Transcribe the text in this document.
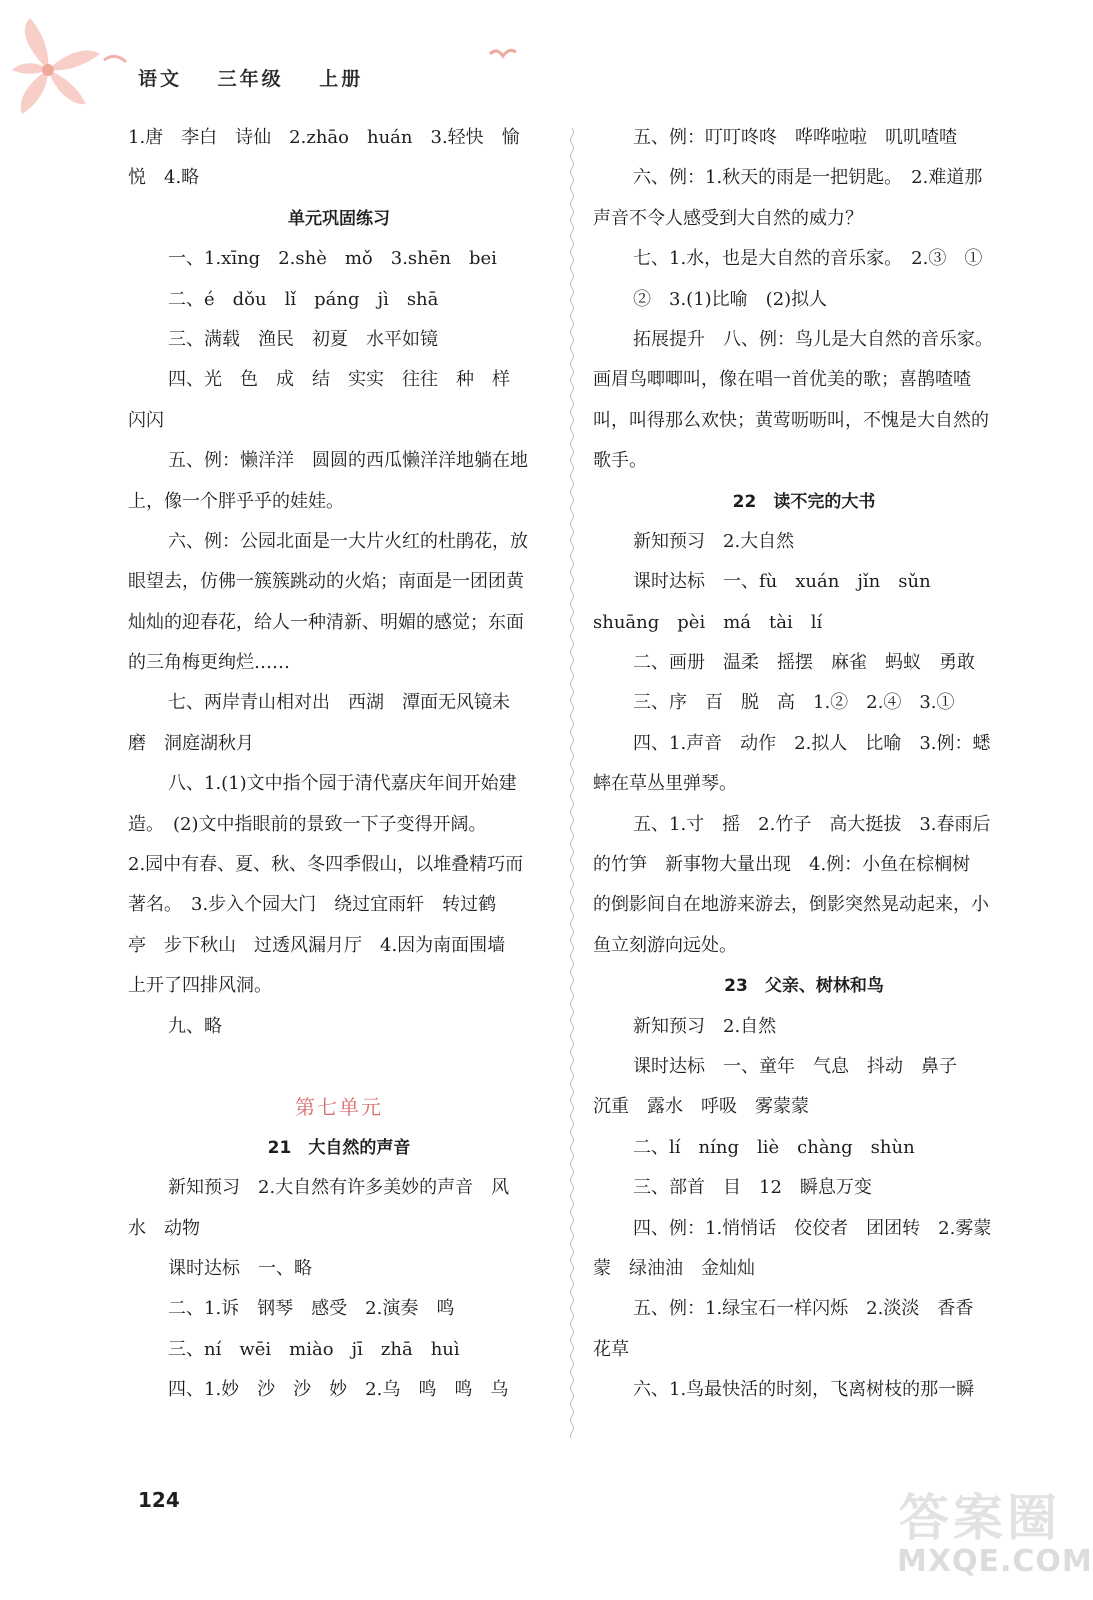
语文 三年级 上册
1.唐　李白　诗仙　2.zhāo　huán　3.轻快　愉
悦　4.略
单元巩固练习
一、1.xīng　2.shè　mǒ　3.shēn　bei
二、é　dǒu　lǐ　páng　jì　shā
三、满载　渔民　初夏　水平如镜
四、光　色　成　结　实实　往往　种　样
闪闪
五、例：懒洋洋　圆圆的西瓜懒洋洋地躺在地
上，像一个胖乎乎的娃娃。
六、例：公园北面是一大片火红的杜鹃花，放
眼望去，仿佛一簇簇跳动的火焰；南面是一团团黄
灿灿的迎春花，给人一种清新、明媚的感觉；东面
的三角梅更绚烂……
七、两岸青山相对出　西湖　潭面无风镜未
磨　洞庭湖秋月
八、1.(1)文中指个园于清代嘉庆年间开始建
造。　(2)文中指眼前的景致一下子变得开阔。
2.园中有春、夏、秋、冬四季假山，以堆叠精巧而
著名。　3.步入个园大门　绕过宜雨轩　转过鹤
亭　步下秋山　过透风漏月厅　4.因为南面围墙
上开了四排风洞。
九、略
第七单元
21　大自然的声音
新知预习　2.大自然有许多美妙的声音　风
水　动物
课时达标　一、略
二、1.诉　钢琴　感受　2.演奏　鸣
三、ní　wēi　miào　jī　zhā　huì
四、1.妙　沙　沙　妙　2.乌　鸣　鸣　乌
五、例：叮叮咚咚　哗哗啦啦　叽叽喳喳
六、例：1.秋天的雨是一把钥匙。　2.难道那
声音不令人感受到大自然的威力？
七、1.水，也是大自然的音乐家。　2.③　①
②　3.(1)比喻　(2)拟人
拓展提升　八、例：鸟儿是大自然的音乐家。
画眉鸟唧唧叫，像在唱一首优美的歌；喜鹊喳喳
叫，叫得那么欢快；黄莺呖呖叫，不愧是大自然的
歌手。
22　读不完的大书
新知预习　2.大自然
课时达标　一、fù　xuán　jǐn　sǔn
shuāng　pèi　má　tài　lí
二、画册　温柔　摇摆　麻雀　蚂蚁　勇敢
三、序　百　脱　高　1.②　2.④　3.①
四、1.声音　动作　2.拟人　比喻　3.例：蟋
蟀在草丛里弹琴。
五、1.寸　摇　2.竹子　高大挺拔　3.春雨后
的竹笋　新事物大量出现　4.例：小鱼在棕榈树
的倒影间自在地游来游去，倒影突然晃动起来，小
鱼立刻游向远处。
23　父亲、树林和鸟
新知预习　2.自然
课时达标　一、童年　气息　抖动　鼻子
沉重　露水　呼吸　雾蒙蒙
二、lí　níng　liè　chàng　shùn
三、部首　目　12　瞬息万变
四、例：1.悄悄话　佼佼者　团团转　2.雾蒙
蒙　绿油油　金灿灿
五、例：1.绿宝石一样闪烁　2.淡淡　香香
花草
六、1.鸟最快活的时刻，飞离树枝的那一瞬
124	答案圈
MXQE.COM
